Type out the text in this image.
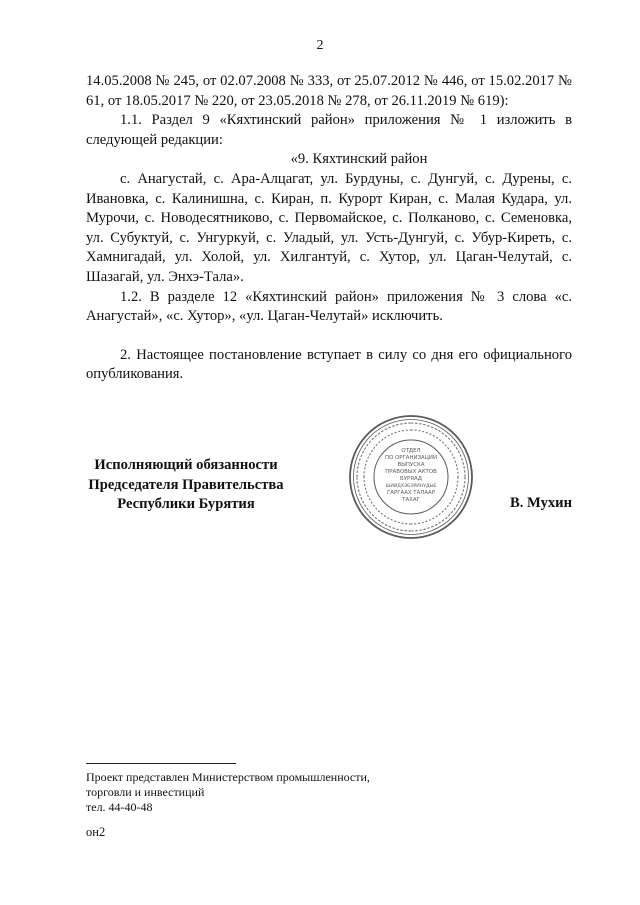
2

14.05.2008 № 245, от 02.07.2008 № 333, от 25.07.2012 № 446, от 15.02.2017 № 61, от 18.05.2017 № 220, от 23.05.2018 № 278, от 26.11.2019 № 619):

1.1. Раздел 9 «Кяхтинский район» приложения № 1 изложить в следующей редакции:

«9. Кяхтинский район

с. Анагустай, с. Ара-Алцагат, ул. Бурдуны, с. Дунгуй, с. Дурены, с. Ивановка, с. Калинишна, с. Киран, п. Курорт Киран, с. Малая Кудара, ул. Мурочи, с. Новодесятниково, с. Первомайское, с. Полканово, с. Семеновка, ул. Субуктуй, с. Унгуркуй, с. Уладый, ул. Усть-Дунгуй, с. Убур-Киреть, с. Хамнигадай, ул. Холой, ул. Хилгантуй, с. Хутор, ул. Цаган-Челутай, с. Шазагай, ул. Энхэ-Тала».

1.2. В разделе 12 «Кяхтинский район» приложения № 3 слова «с. Анагустай», «с. Хутор», «ул. Цаган-Челутай» исключить.

2. Настоящее постановление вступает в силу со дня его официального опубликования.

Исполняющий обязанности
Председателя Правительства
Республики Бурятия	В. Мухин
ОТДЕЛ
ПО ОРГАНИЗАЦИИ
ВЫПУСКА
ПРАВОВЫХ АКТОВ
БУРЯАД
ШИИДХЭБЭРИНУДЫЕ
ГАРГААХ ТАЛААР
ТАХАГ
Проект представлен Министерством промышленности,
торговли и инвестиций
тел. 44-40-48
он2
